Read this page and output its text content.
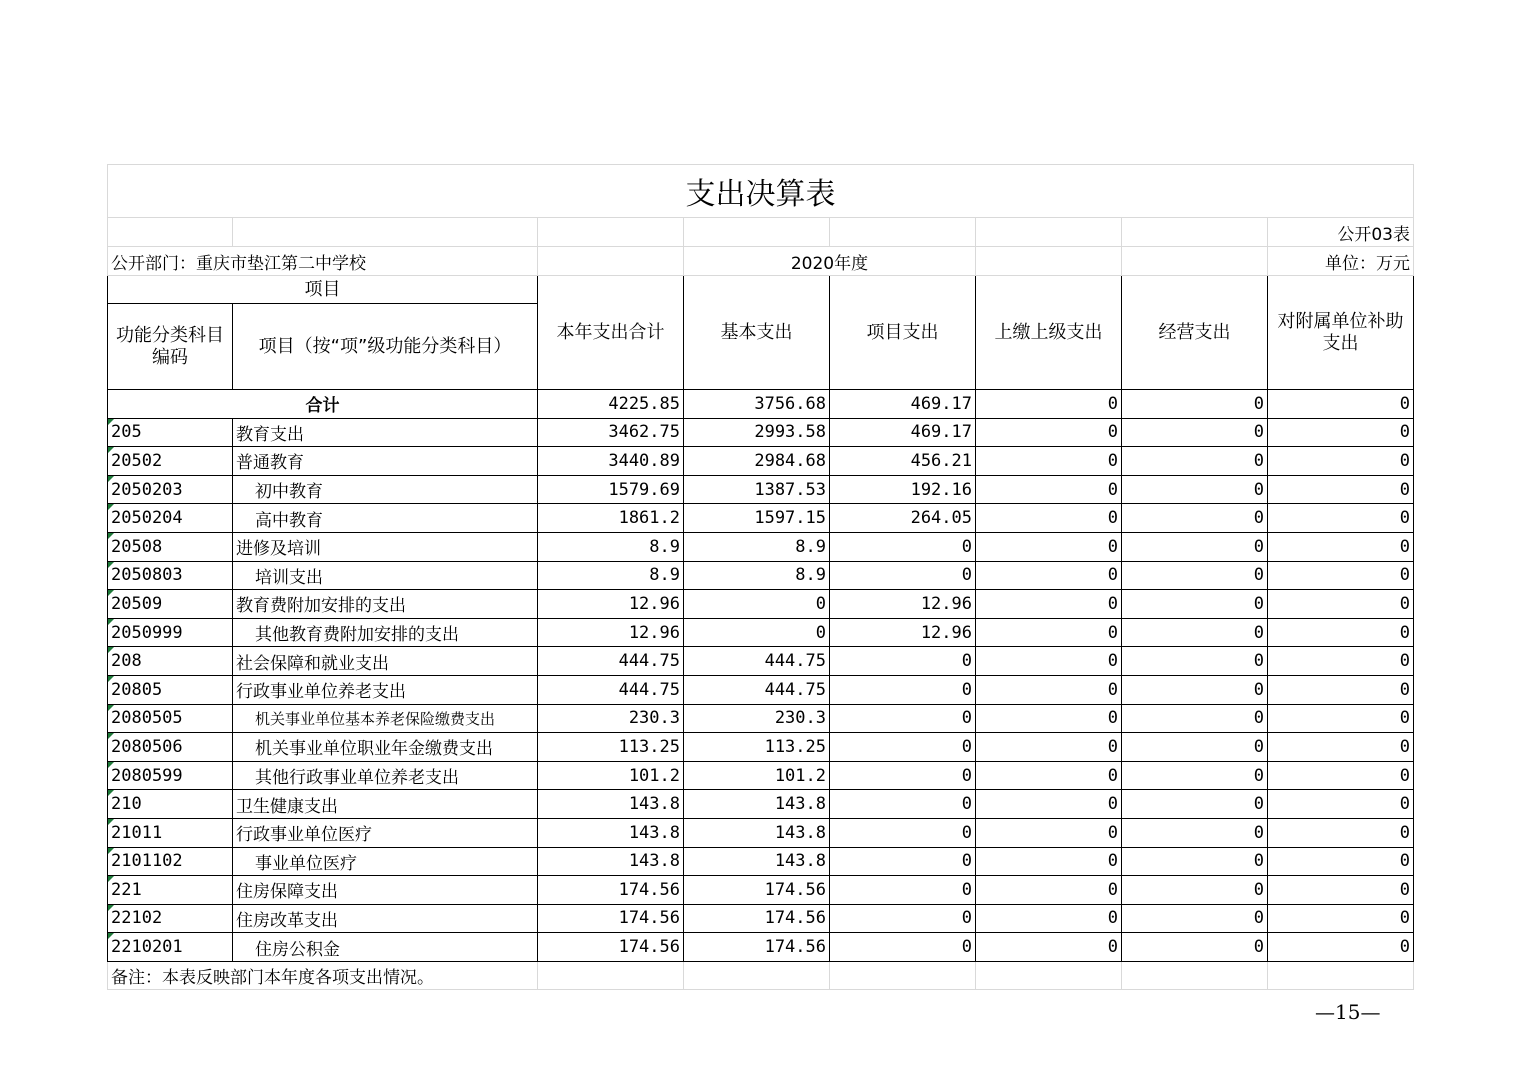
支出决算表							
							公开03表
公开部门：重庆市垫江第二中学校			2020年度				单位：万元
项目		本年支出合计	基本支出	项目支出	上缴上级支出	经营支出	对附属单位补助支出
功能分类科目编码	项目（按“项”级功能分类科目）						
合计		4225.85	3756.68	469.17	0	0	0
205	教育支出	3462.75	2993.58	469.17	0	0	0
20502	普通教育	3440.89	2984.68	456.21	0	0	0
2050203	初中教育	1579.69	1387.53	192.16	0	0	0
2050204	高中教育	1861.2	1597.15	264.05	0	0	0
20508	进修及培训	8.9	8.9	0	0	0	0
2050803	培训支出	8.9	8.9	0	0	0	0
20509	教育费附加安排的支出	12.96	0	12.96	0	0	0
2050999	其他教育费附加安排的支出	12.96	0	12.96	0	0	0
208	社会保障和就业支出	444.75	444.75	0	0	0	0
20805	行政事业单位养老支出	444.75	444.75	0	0	0	0
2080505	机关事业单位基本养老保险缴费支出	230.3	230.3	0	0	0	0
2080506	机关事业单位职业年金缴费支出	113.25	113.25	0	0	0	0
2080599	其他行政事业单位养老支出	101.2	101.2	0	0	0	0
210	卫生健康支出	143.8	143.8	0	0	0	0
21011	行政事业单位医疗	143.8	143.8	0	0	0	0
2101102	事业单位医疗	143.8	143.8	0	0	0	0
221	住房保障支出	174.56	174.56	0	0	0	0
22102	住房改革支出	174.56	174.56	0	0	0	0
2210201	住房公积金	174.56	174.56	0	0	0	0
备注：本表反映部门本年度各项支出情况。							
—15—
